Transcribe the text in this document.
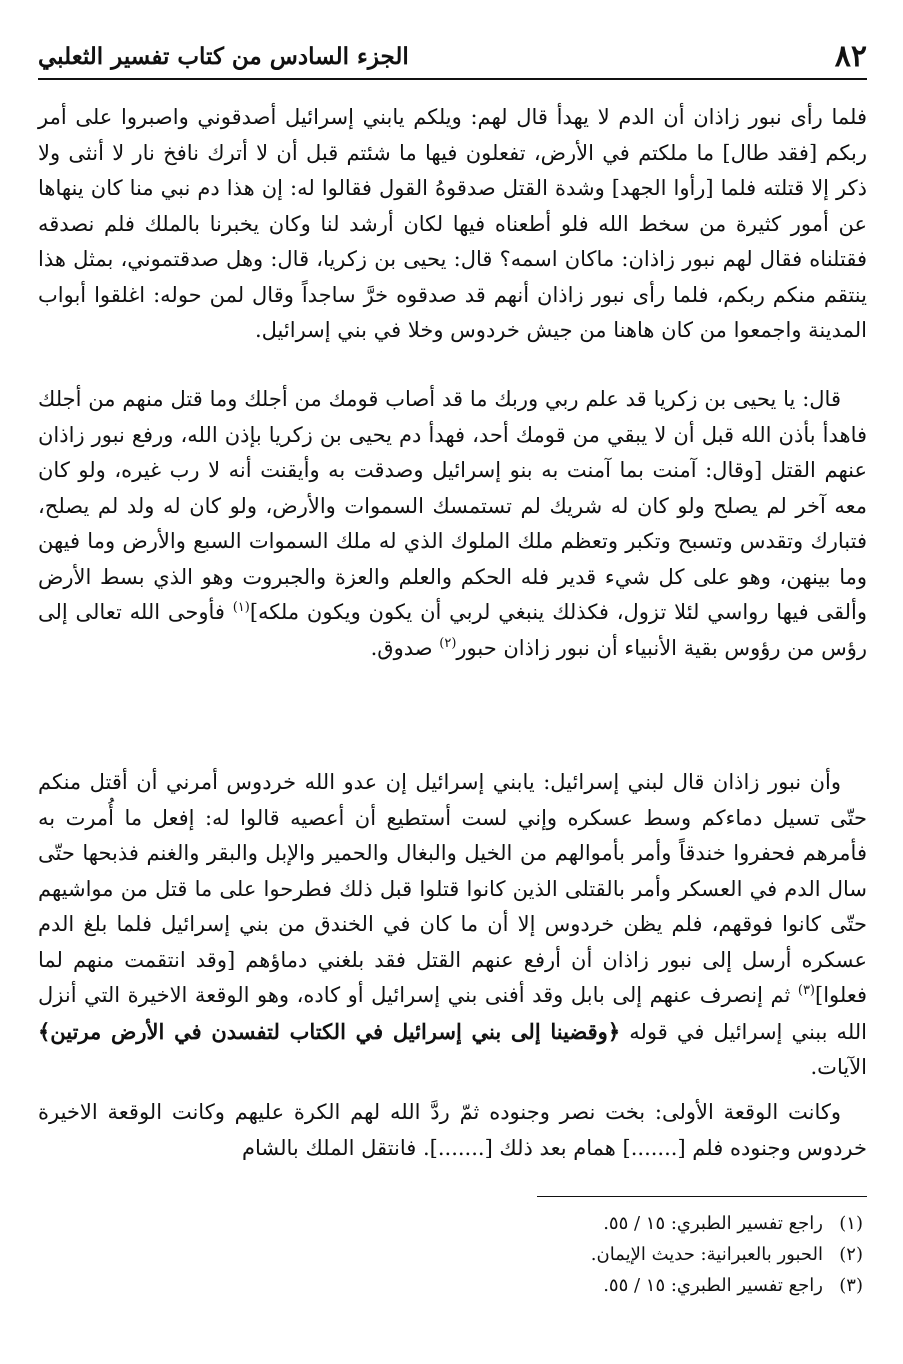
٨٢
الجزء السادس من كتاب تفسير الثعلبي

فلما رأى نبور زاذان أن الدم لا يهدأ قال لهم: ويلكم يابني إسرائيل أصدقوني واصبروا على أمر ربكم [فقد طال] ما ملكتم في الأرض، تفعلون فيها ما شئتم قبل أن لا أترك نافخ نار لا أنثى ولا ذكر إلا قتلته فلما [رأوا الجهد] وشدة القتل صدقوهُ القول فقالوا له: إن هذا دم نبي منا كان ينهاها عن أمور كثيرة من سخط الله فلو أطعناه فيها لكان أرشد لنا وكان يخبرنا بالملك فلم نصدقه فقتلناه فقال لهم نبور زاذان: ماكان اسمه؟ قال: يحيى بن زكريا، قال: وهل صدقتموني، بمثل هذا ينتقم منكم ربكم، فلما رأى نبور زاذان أنهم قد صدقوه خرَّ ساجداً وقال لمن حوله: اغلقوا أبواب المدينة واجمعوا من كان هاهنا من جيش خردوس وخلا في بني إسرائيل.

قال: يا يحيى بن زكريا قد علم ربي وربك ما قد أصاب قومك من أجلك وما قتل منهم من أجلك فاهدأ بأذن الله قبل أن لا يبقي من قومك أحد، فهدأ دم يحيى بن زكريا بإذن الله، ورفع نبور زاذان عنهم القتل [وقال: آمنت بما آمنت به بنو إسرائيل وصدقت به وأيقنت أنه لا رب غيره، ولو كان معه آخر لم يصلح ولو كان له شريك لم تستمسك السموات والأرض، ولو كان له ولد لم يصلح، فتبارك وتقدس وتسبح وتكبر وتعظم ملك الملوك الذي له ملك السموات السبع والأرض وما فيهن وما بينهن، وهو على كل شيء قدير فله الحكم والعلم والعزة والجبروت وهو الذي بسط الأرض وألقى فيها رواسي لئلا تزول، فكذلك ينبغي لربي أن يكون ويكون ملكه]$^{(١)}$ فأوحى الله تعالى إلى رؤس من رؤوس بقية الأنبياء أن نبور زاذان حبور$^{(٢)}$ صدوق.

وأن نبور زاذان قال لبني إسرائيل: يابني إسرائيل إن عدو الله خردوس أمرني أن أقتل منكم حتّى تسيل دماءكم وسط عسكره وإني لست أستطيع أن أعصيه قالوا له: إفعل ما أُمرت به فأمرهم فحفروا خندقاً وأمر بأموالهم من الخيل والبغال والحمير والإبل والبقر والغنم فذبحها حتّى سال الدم في العسكر وأمر بالقتلى الذين كانوا قتلوا قبل ذلك فطرحوا على ما قتل من مواشيهم حتّى كانوا فوقهم، فلم يظن خردوس إلا أن ما كان في الخندق من بني إسرائيل فلما بلغ الدم عسكره أرسل إلى نبور زاذان أن أرفع عنهم القتل فقد بلغني دماؤهم [وقد انتقمت منهم لما فعلوا]$^{(٣)}$ ثم إنصرف عنهم إلى بابل وقد أفنى بني إسرائيل أو كاده، وهو الوقعة الاخيرة التي أنزل الله ببني إسرائيل في قوله ﴿وقضينا إلى بني إسرائيل في الكتاب لتفسدن في الأرض مرتين﴾ الآيات.

وكانت الوقعة الأولى: بخت نصر وجنوده ثمّ ردَّ الله لهم الكرة عليهم وكانت الوقعة الاخيرة خردوس وجنوده فلم [.......] همام بعد ذلك [.......]. فانتقل الملك بالشام

(١)
راجع تفسير الطبري: ١٥ / ٥٥.
(٢)
الحبور بالعبرانية: حديث الإيمان.
(٣)
راجع تفسير الطبري: ١٥ / ٥٥.
